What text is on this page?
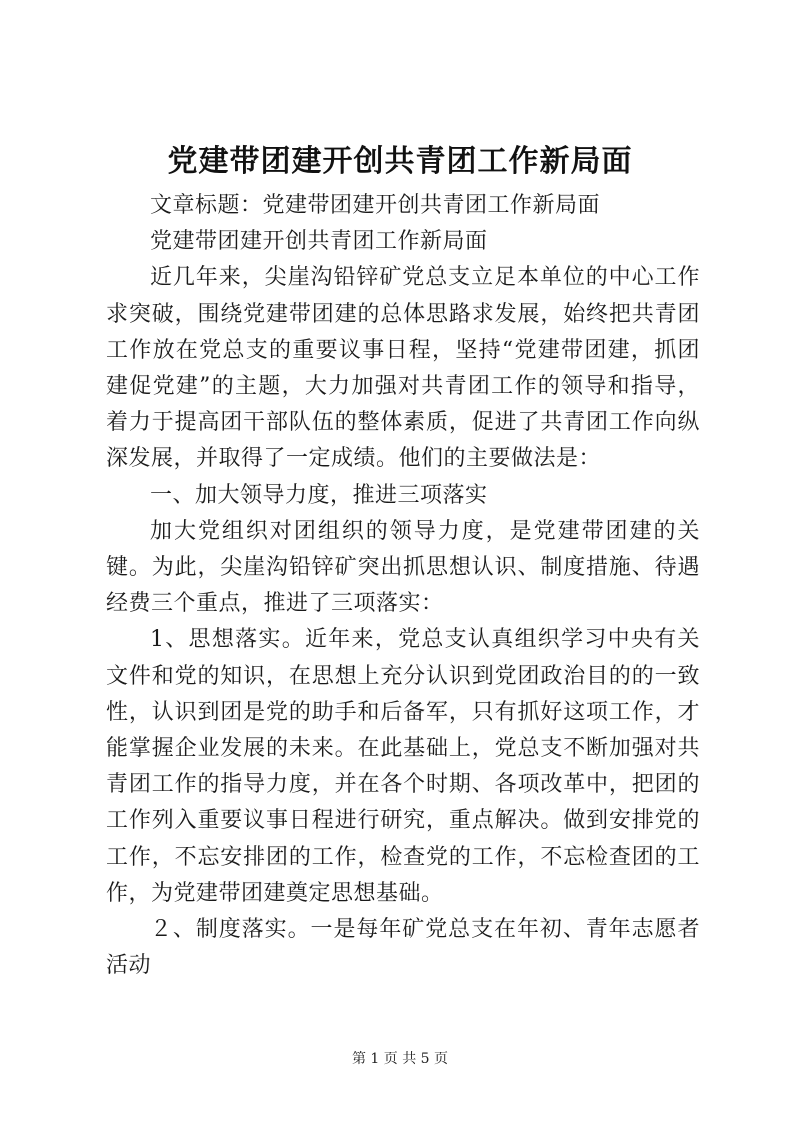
党建带团建开创共青团工作新局面

文章标题：党建带团建开创共青团工作新局面

党建带团建开创共青团工作新局面

近几年来，尖崖沟铅锌矿党总支立足本单位的中心工作求突破，围绕党建带团建的总体思路求发展，始终把共青团工作放在党总支的重要议事日程，坚持“党建带团建，抓团建促党建”的主题，大力加强对共青团工作的领导和指导，着力于提高团干部队伍的整体素质，促进了共青团工作向纵深发展，并取得了一定成绩。他们的主要做法是：

一、加大领导力度，推进三项落实

加大党组织对团组织的领导力度，是党建带团建的关键。为此，尖崖沟铅锌矿突出抓思想认识、制度措施、待遇经费三个重点，推进了三项落实：

1、思想落实。近年来，党总支认真组织学习中央有关文件和党的知识，在思想上充分认识到党团政治目的的一致性，认识到团是党的助手和后备军，只有抓好这项工作，才能掌握企业发展的未来。在此基础上，党总支不断加强对共青团工作的指导力度，并在各个时期、各项改革中，把团的工作列入重要议事日程进行研究，重点解决。做到安排党的工作，不忘安排团的工作，检查党的工作，不忘检查团的工作，为党建带团建奠定思想基础。

２、制度落实。一是每年矿党总支在年初、青年志愿者活动

第 1 页 共 5 页
